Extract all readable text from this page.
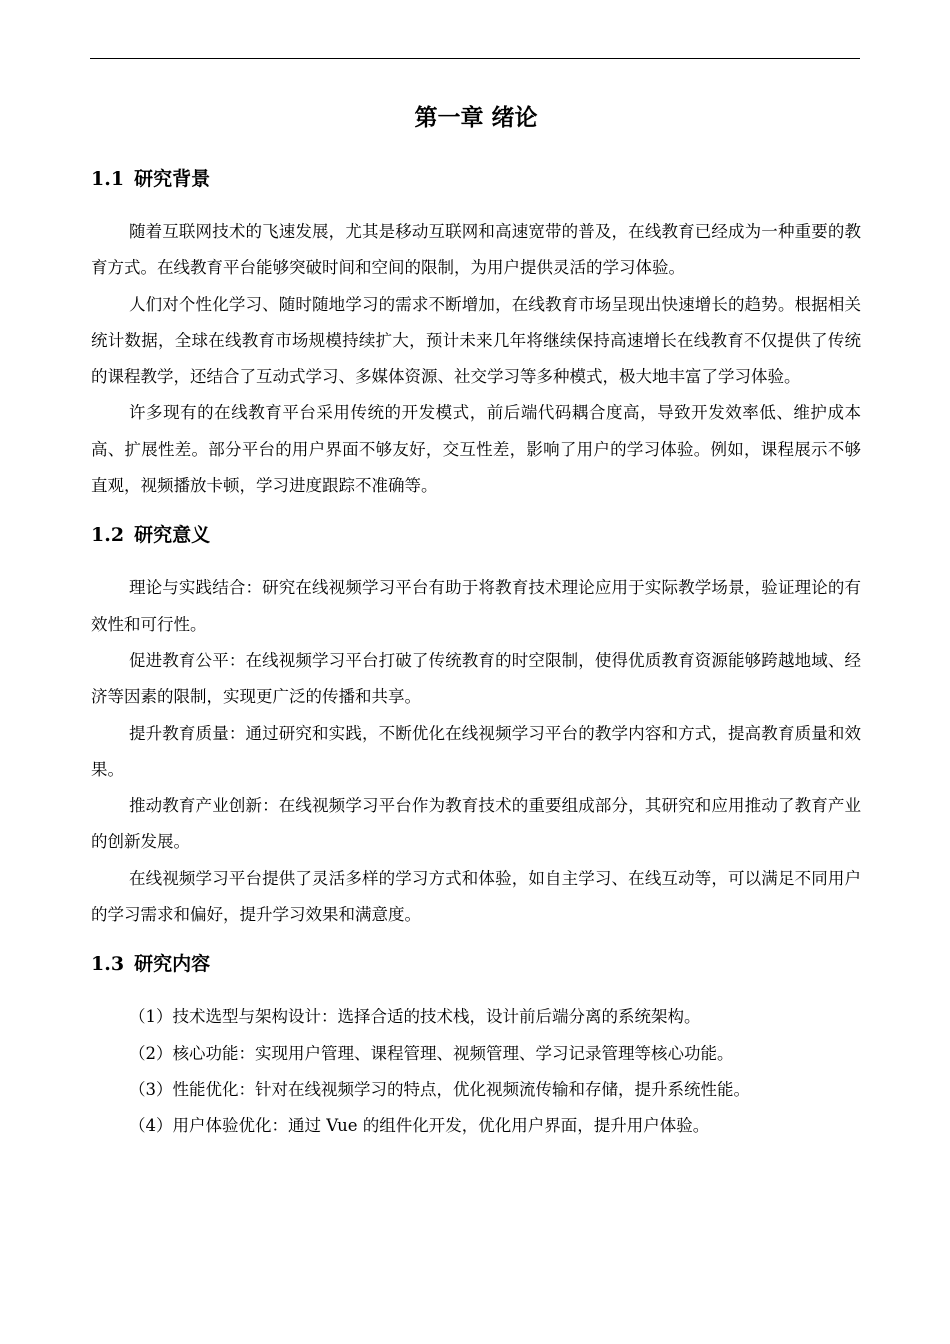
第一章 绪论
1.1 研究背景

随着互联网技术的飞速发展，尤其是移动互联网和高速宽带的普及，在线教育已经成为一种重要的教育方式。在线教育平台能够突破时间和空间的限制，为用户提供灵活的学习体验。

人们对个性化学习、随时随地学习的需求不断增加，在线教育市场呈现出快速增长的趋势。根据相关统计数据，全球在线教育市场规模持续扩大，预计未来几年将继续保持高速增长在线教育不仅提供了传统的课程教学，还结合了互动式学习、多媒体资源、社交学习等多种模式，极大地丰富了学习体验。

许多现有的在线教育平台采用传统的开发模式，前后端代码耦合度高，导致开发效率低、维护成本高、扩展性差。部分平台的用户界面不够友好，交互性差，影响了用户的学习体验。例如，课程展示不够直观，视频播放卡顿，学习进度跟踪不准确等。

1.2 研究意义

理论与实践结合：研究在线视频学习平台有助于将教育技术理论应用于实际教学场景，验证理论的有效性和可行性。

促进教育公平：在线视频学习平台打破了传统教育的时空限制，使得优质教育资源能够跨越地域、经济等因素的限制，实现更广泛的传播和共享。

提升教育质量：通过研究和实践，不断优化在线视频学习平台的教学内容和方式，提高教育质量和效果。

推动教育产业创新：在线视频学习平台作为教育技术的重要组成部分，其研究和应用推动了教育产业的创新发展。

在线视频学习平台提供了灵活多样的学习方式和体验，如自主学习、在线互动等，可以满足不同用户的学习需求和偏好，提升学习效果和满意度。

1.3 研究内容

（1）技术选型与架构设计：选择合适的技术栈，设计前后端分离的系统架构。

（2）核心功能：实现用户管理、课程管理、视频管理、学习记录管理等核心功能。

（3）性能优化：针对在线视频学习的特点，优化视频流传输和存储，提升系统性能。

（4）用户体验优化：通过 Vue 的组件化开发，优化用户界面，提升用户体验。
